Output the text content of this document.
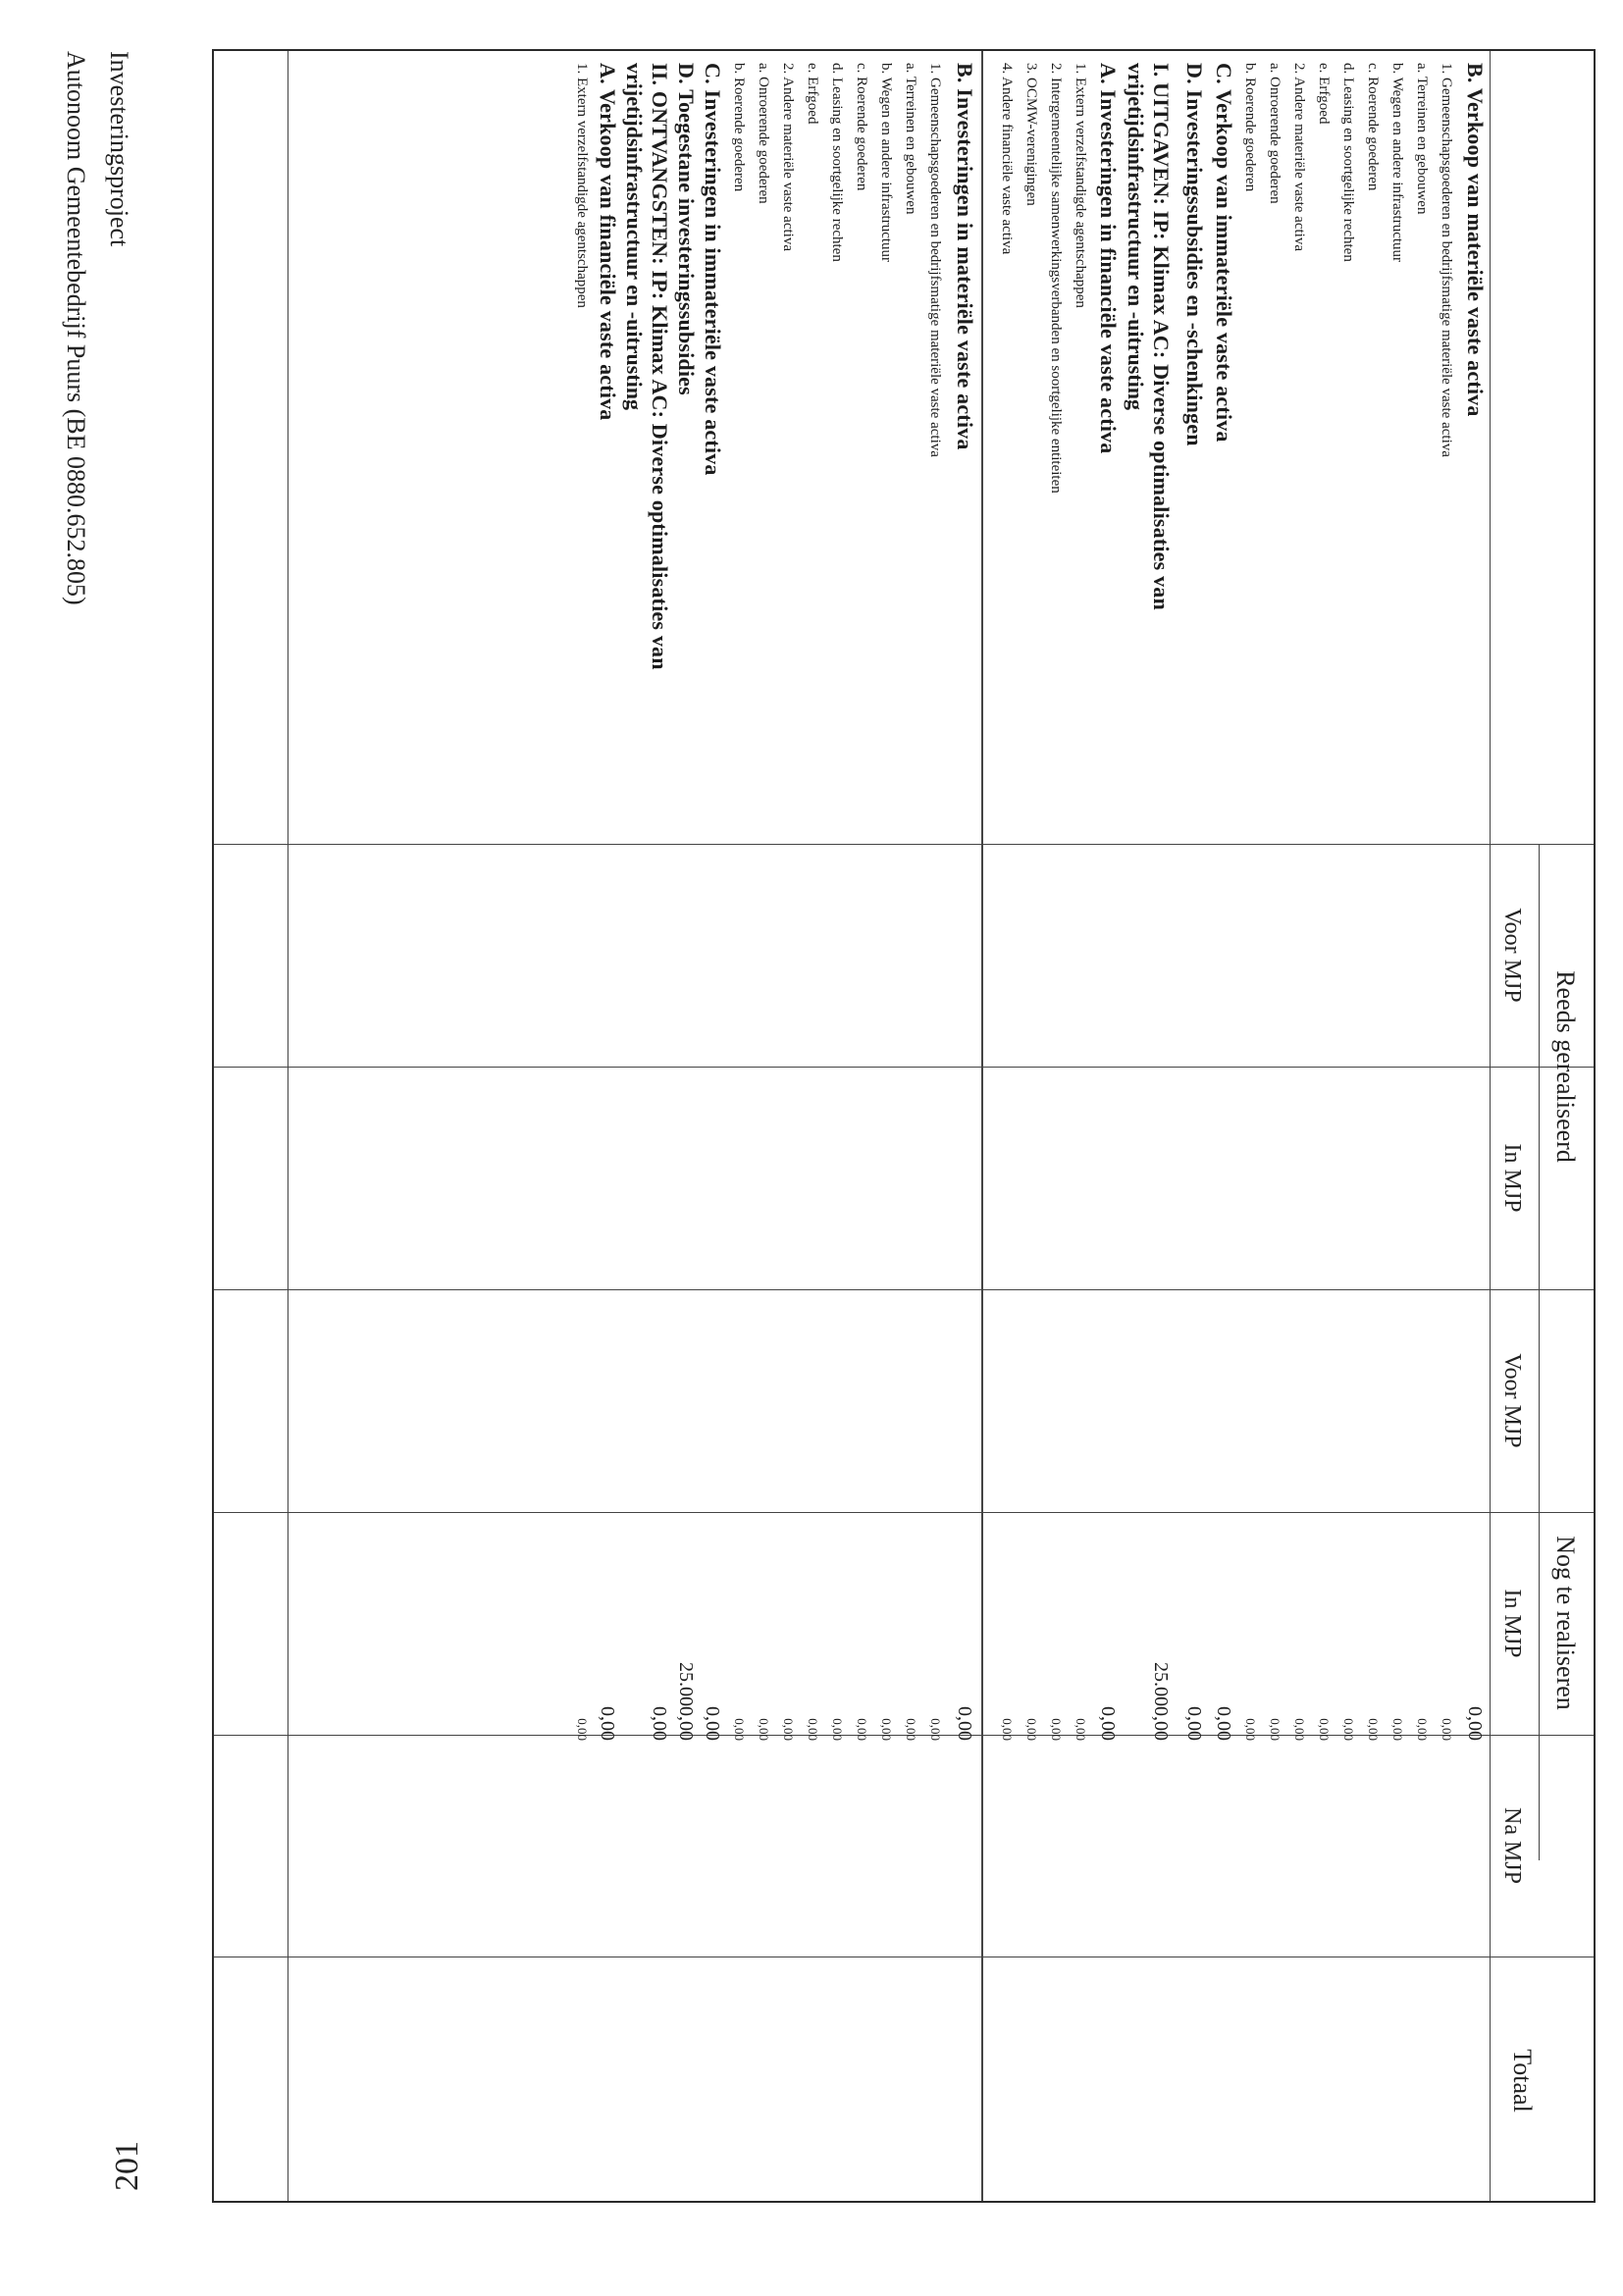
Reeds gerealiseerd
Nog te realiseren
Totaal
Voor MJP
In MJP
Voor MJP
In MJP
Na MJP
B. Verkoop van materiële vaste activa
0,00
1. Gemeenschapsgoederen en bedrijfsmatige materiële vaste activa
0,00
a. Terreinen en gebouwen
0,00
b. Wegen en andere infrastructuur
0,00
c. Roerende goederen
0,00
d. Leasing en soortgelijke rechten
0,00
e. Erfgoed
0,00
2. Andere materiële vaste activa
0,00
a. Onroerende goederen
0,00
b. Roerende goederen
0,00
C. Verkoop van immateriële vaste activa
0,00
D. Investeringssubsidies en -schenkingen
0,00
I. UITGAVEN: IP: Klimax AC: Diverse optimalisaties van
25.000,00
vrijetijdsinfrastructuur en -uitrusting
A. Investeringen in financiële vaste activa
0,00
1. Extern verzelfstandigde agentschappen
0,00
2. Intergemeentelijke samenwerkingsverbanden en soortgelijke entiteiten
0,00
3. OCMW-verenigingen
0,00
4. Andere financiële vaste activa
0,00
B. Investeringen in materiële vaste activa
0,00
1. Gemeenschapsgoederen en bedrijfsmatige materiële vaste activa
0,00
a. Terreinen en gebouwen
0,00
b. Wegen en andere infrastructuur
0,00
c. Roerende goederen
0,00
d. Leasing en soortgelijke rechten
0,00
e. Erfgoed
0,00
2. Andere materiële vaste activa
0,00
a. Onroerende goederen
0,00
b. Roerende goederen
0,00
C. Investeringen in immateriële vaste activa
0,00
D. Toegestane investeringssubsidies
25.000,00
II. ONTVANGSTEN: IP: Klimax AC: Diverse optimalisaties van
0,00
vrijetijdsinfrastructuur en -uitrusting
A. Verkoop van financiële vaste activa
0,00
1. Extern verzelfstandigde agentschappen
0,00
Investeringsproject
Autonoom Gemeentebedrijf Puurs (BE 0880.652.805)
201
